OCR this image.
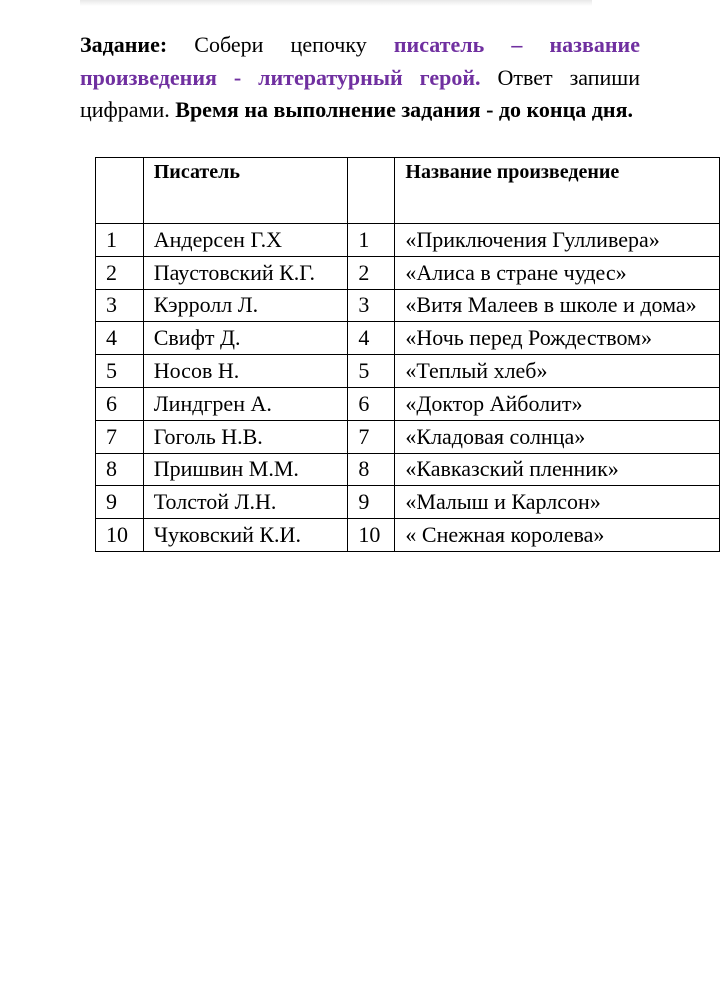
Задание: Собери цепочку писатель – название произведения - литературный герой. Ответ запиши цифрами. Время на выполнение задания - до конца дня.
	Писатель		Название произведение
1	Андерсен Г.Х	1	«Приключения Гулливера»
2	Паустовский К.Г.	2	«Алиса в стране чудес»
3	Кэрролл Л.	3	«Витя Малеев в школе и дома»
4	Свифт Д.	4	«Ночь перед Рождеством»
5	Носов Н.	5	«Теплый хлеб»
6	Линдгрен А.	6	«Доктор Айболит»
7	Гоголь Н.В.	7	«Кладовая солнца»
8	Пришвин М.М.	8	«Кавказский пленник»
9	Толстой Л.Н.	9	«Малыш и Карлсон»
10	Чуковский К.И.	10	« Снежная королева»
